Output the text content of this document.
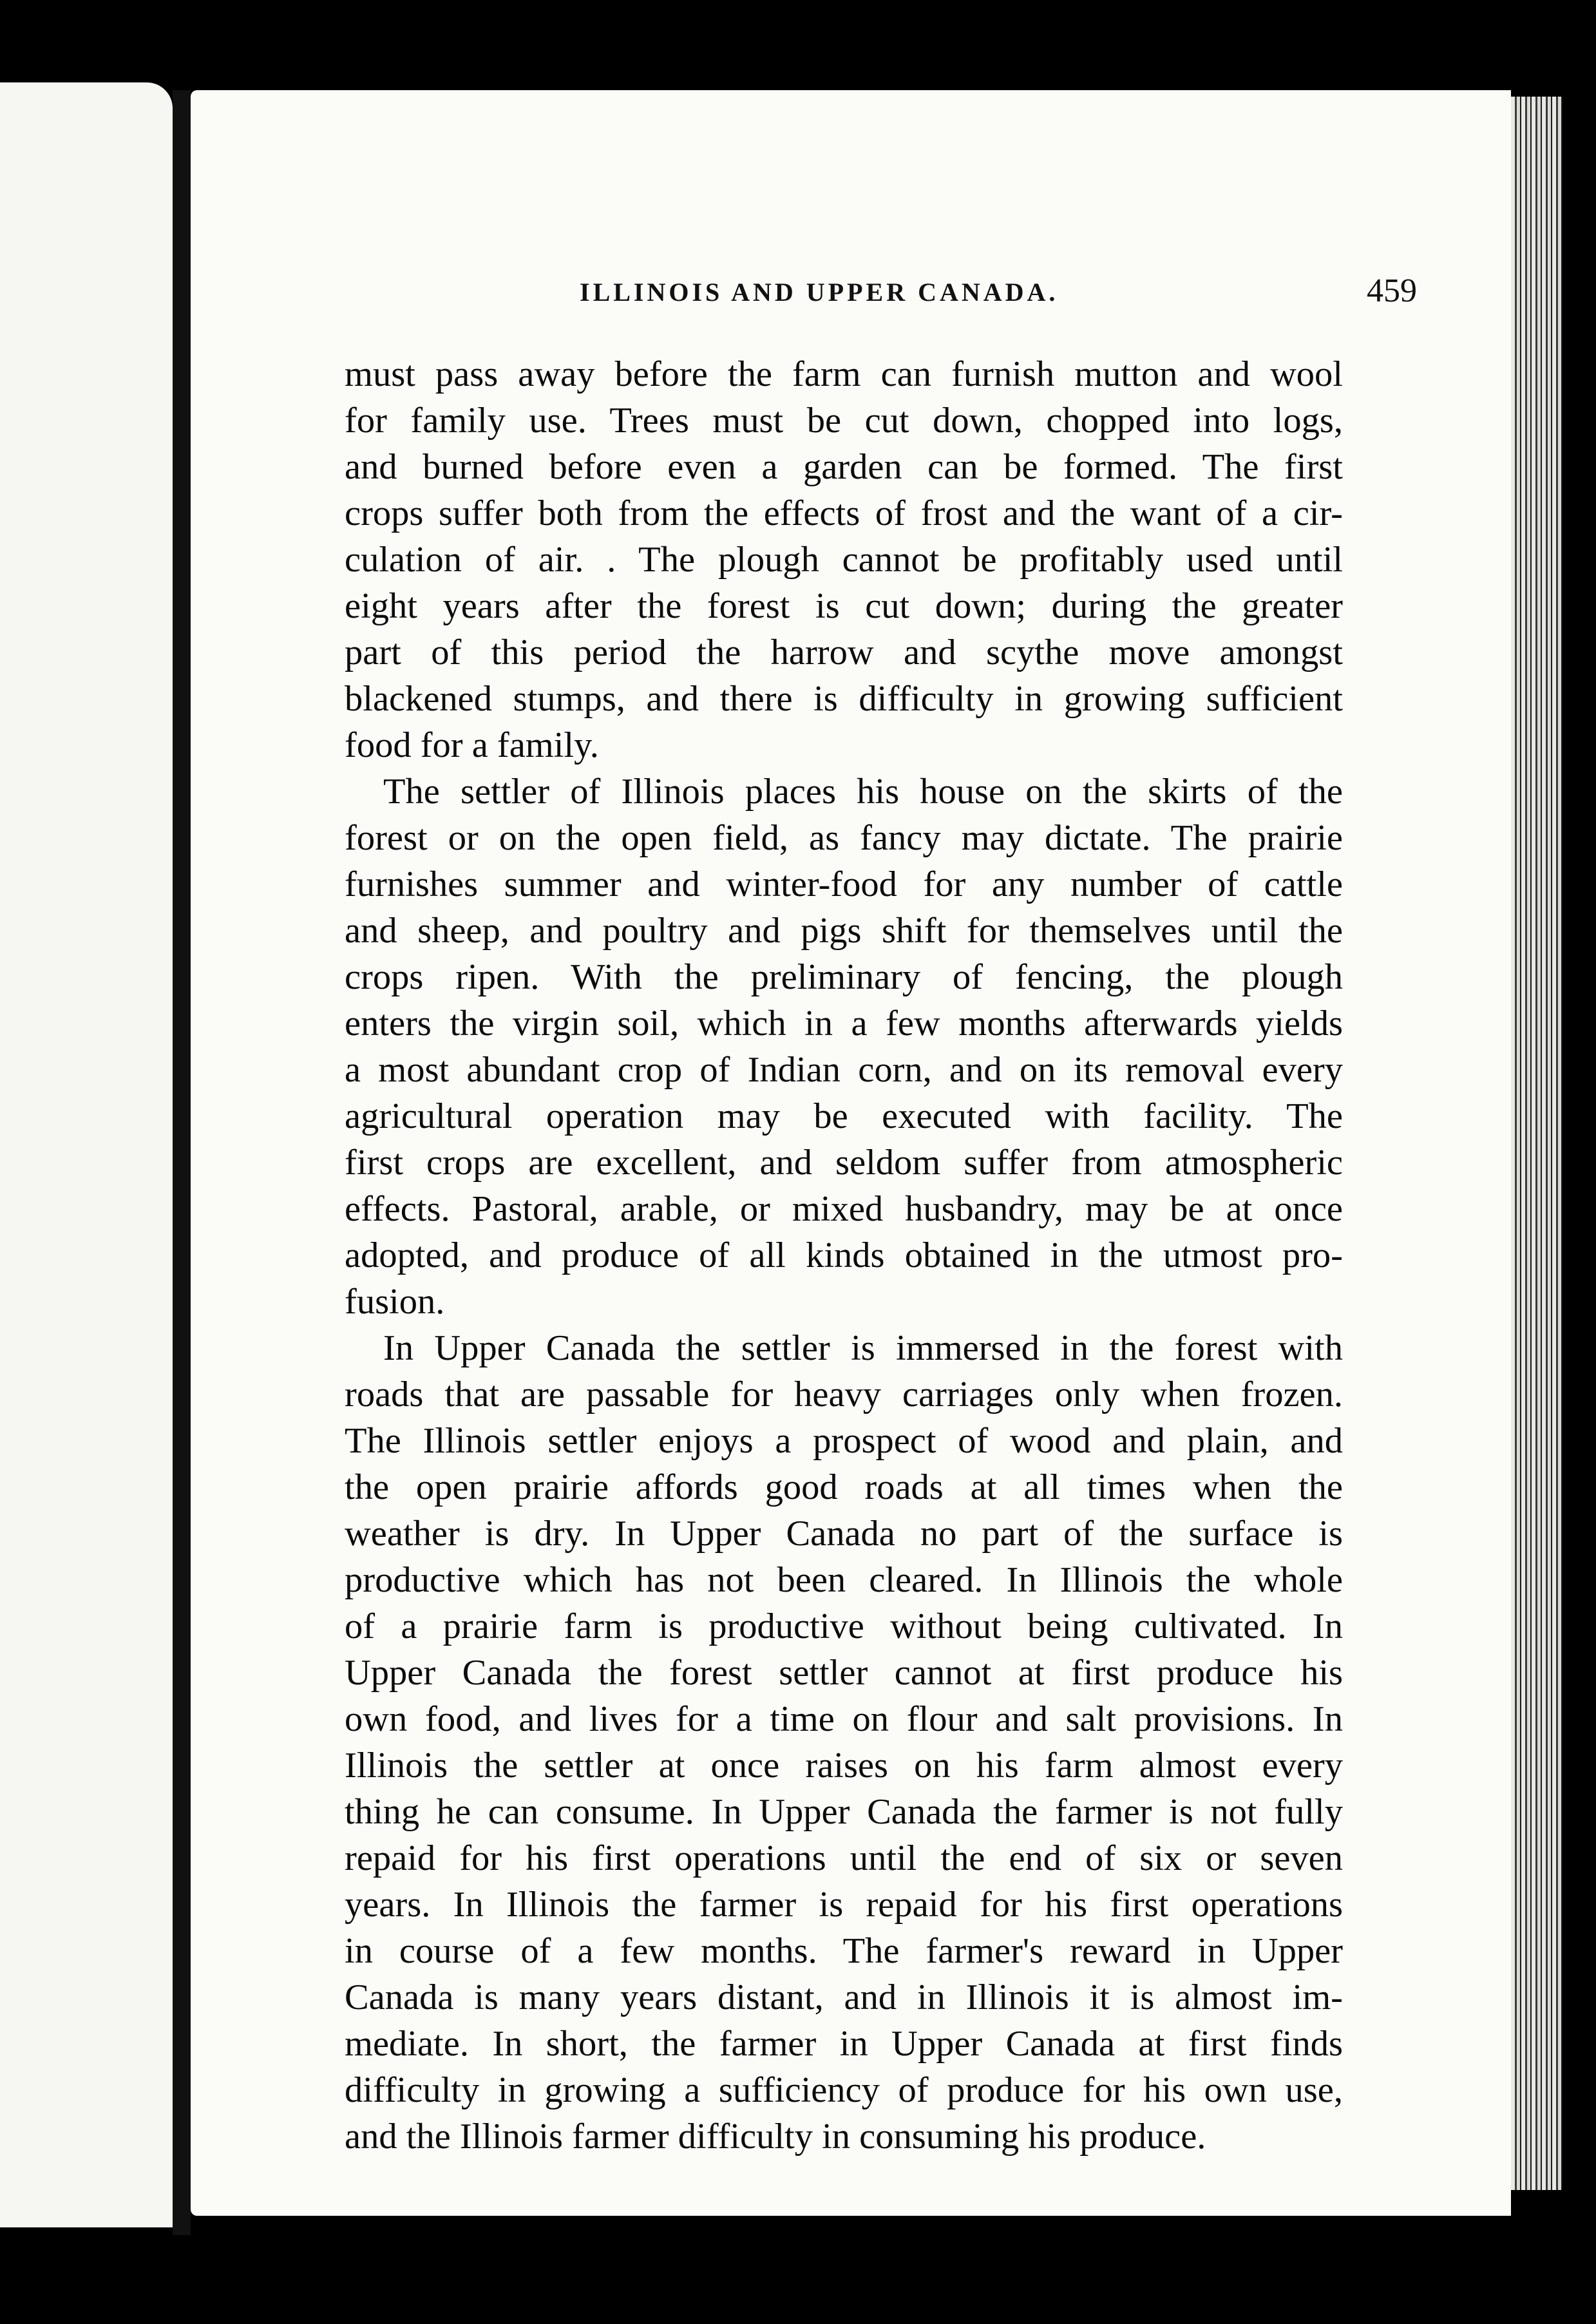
ILLINOIS AND UPPER CANADA.	459
must pass away before the farm can furnish mutton and wool
for family use. Trees must be cut down, chopped into logs,
and burned before even a garden can be formed. The first
crops suffer both from the effects of frost and the want of a cir-
culation of air. . The plough cannot be profitably used until
eight years after the forest is cut down; during the greater
part of this period the harrow and scythe move amongst
blackened stumps, and there is difficulty in growing sufficient
food for a family.
The settler of Illinois places his house on the skirts of the
forest or on the open field, as fancy may dictate. The prairie
furnishes summer and winter-food for any number of cattle
and sheep, and poultry and pigs shift for themselves until the
crops ripen. With the preliminary of fencing, the plough
enters the virgin soil, which in a few months afterwards yields
a most abundant crop of Indian corn, and on its removal every
agricultural operation may be executed with facility. The
first crops are excellent, and seldom suffer from atmospheric
effects. Pastoral, arable, or mixed husbandry, may be at once
adopted, and produce of all kinds obtained in the utmost pro-
fusion.
In Upper Canada the settler is immersed in the forest with
roads that are passable for heavy carriages only when frozen.
The Illinois settler enjoys a prospect of wood and plain, and
the open prairie affords good roads at all times when the
weather is dry. In Upper Canada no part of the surface is
productive which has not been cleared. In Illinois the whole
of a prairie farm is productive without being cultivated. In
Upper Canada the forest settler cannot at first produce his
own food, and lives for a time on flour and salt provisions. In
Illinois the settler at once raises on his farm almost every
thing he can consume. In Upper Canada the farmer is not fully
repaid for his first operations until the end of six or seven
years. In Illinois the farmer is repaid for his first operations
in course of a few months. The farmer's reward in Upper
Canada is many years distant, and in Illinois it is almost im-
mediate. In short, the farmer in Upper Canada at first finds
difficulty in growing a sufficiency of produce for his own use,
and the Illinois farmer difficulty in consuming his produce.
